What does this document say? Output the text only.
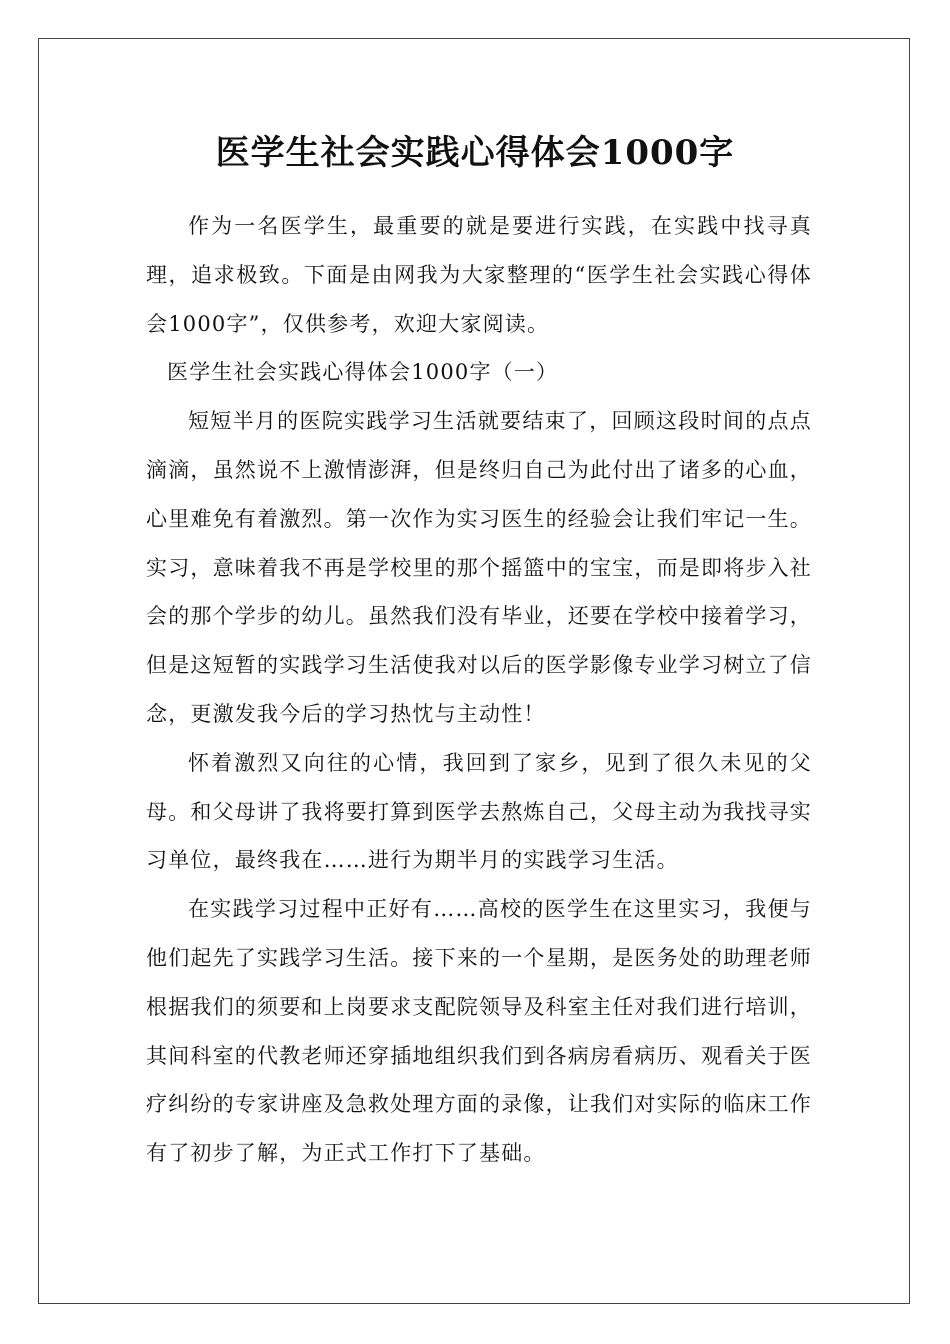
医学生社会实践心得体会1000字

作为一名医学生，最重要的就是要进行实践，在实践中找寻真理，追求极致。下面是由网我为大家整理的“医学生社会实践心得体会1000字”，仅供参考，欢迎大家阅读。

医学生社会实践心得体会1000字（一）

短短半月的医院实践学习生活就要结束了，回顾这段时间的点点滴滴，虽然说不上激情澎湃，但是终归自己为此付出了诸多的心血，心里难免有着激烈。第一次作为实习医生的经验会让我们牢记一生。实习，意味着我不再是学校里的那个摇篮中的宝宝，而是即将步入社会的那个学步的幼儿。虽然我们没有毕业，还要在学校中接着学习，但是这短暂的实践学习生活使我对以后的医学影像专业学习树立了信念，更激发我今后的学习热忱与主动性！

怀着激烈又向往的心情，我回到了家乡，见到了很久未见的父母。和父母讲了我将要打算到医学去熬炼自己，父母主动为我找寻实习单位，最终我在……进行为期半月的实践学习生活。

在实践学习过程中正好有……高校的医学生在这里实习，我便与他们起先了实践学习生活。接下来的一个星期，是医务处的助理老师根据我们的须要和上岗要求支配院领导及科室主任对我们进行培训，其间科室的代教老师还穿插地组织我们到各病房看病历、观看关于医疗纠纷的专家讲座及急救处理方面的录像，让我们对实际的临床工作有了初步了解，为正式工作打下了基础。
